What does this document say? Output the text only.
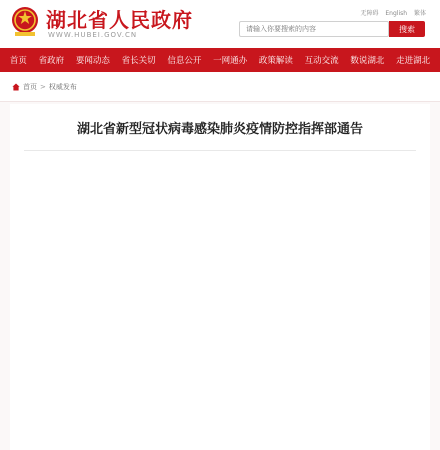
湖北省人民政府
WWW.HUBEI.GOV.CN
无障碍 English 繁体
请输入你要搜索的内容
搜索
首页 省政府 要闻动态 省长关切 信息公开 一网通办 政策解读 互动交流 数说湖北 走进湖北
首页 > 权威发布
湖北省新型冠状病毒感染肺炎疫情防控指挥部通告
